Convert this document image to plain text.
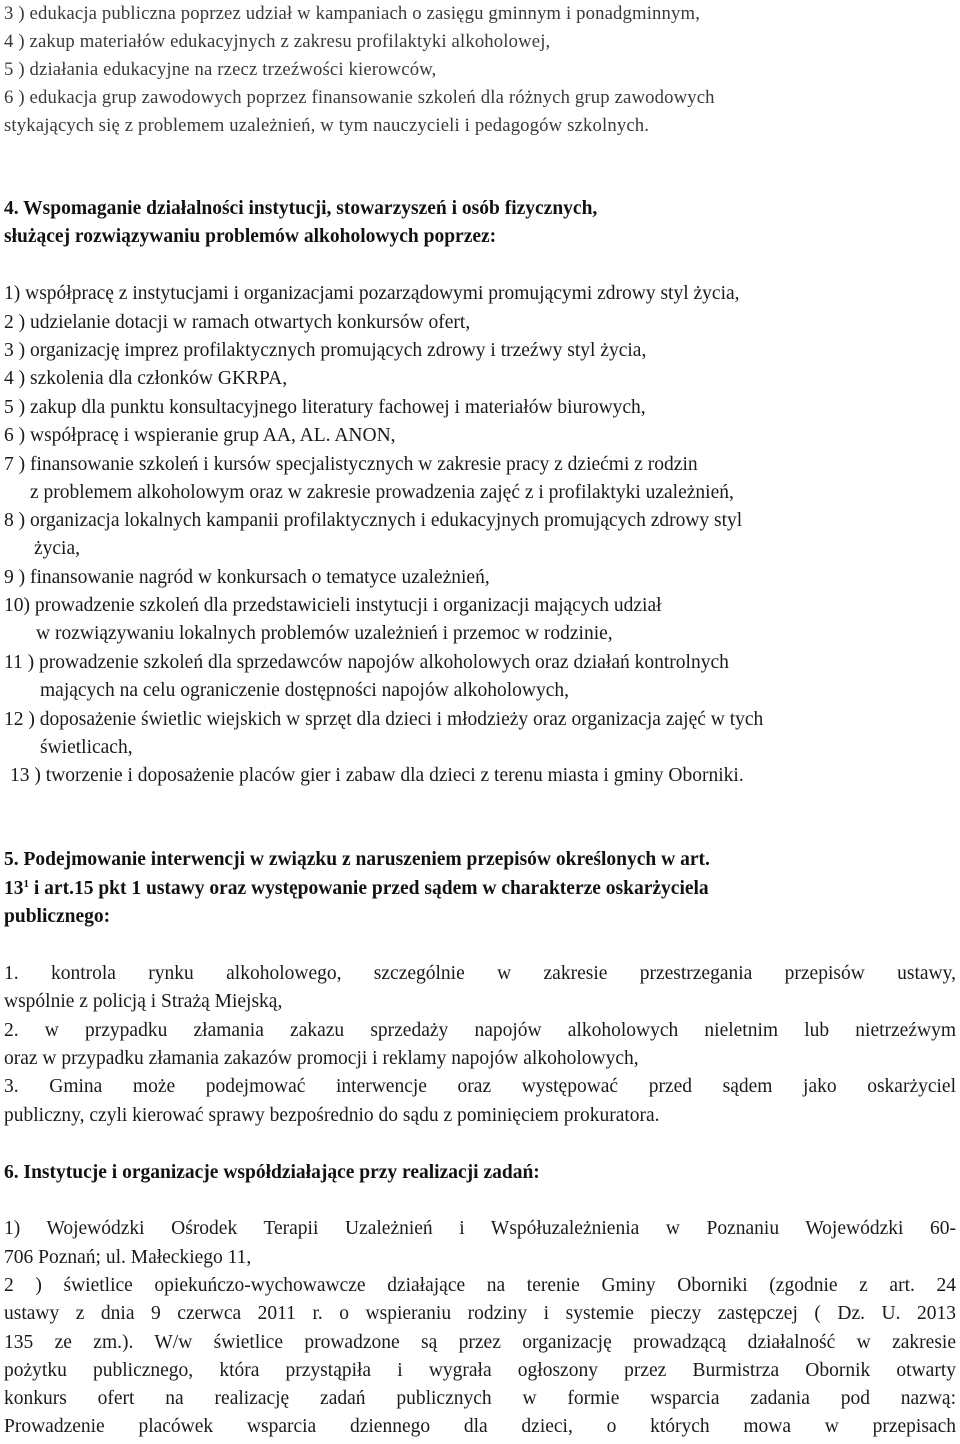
3 ) edukacja publiczna poprzez udział w kampaniach o zasięgu gminnym i ponadgminnym,
4 ) zakup materiałów edukacyjnych z zakresu profilaktyki alkoholowej,
5 ) działania edukacyjne na rzecz trzeźwości kierowców,
6 ) edukacja grup zawodowych poprzez finansowanie szkoleń dla różnych grup zawodowych
stykających się z problemem uzależnień, w tym nauczycieli i pedagogów szkolnych.
4. Wspomaganie działalności instytucji, stowarzyszeń i osób fizycznych,
służącej rozwiązywaniu problemów alkoholowych poprzez:
1) współpracę z instytucjami i organizacjami pozarządowymi promującymi zdrowy styl życia,
2 ) udzielanie dotacji w ramach otwartych konkursów ofert,
3 ) organizację imprez profilaktycznych promujących zdrowy i trzeźwy styl życia,
4 ) szkolenia dla członków GKRPA,
5 ) zakup dla punktu konsultacyjnego literatury fachowej i materiałów biurowych,
6 ) współpracę i wspieranie grup AA, AL. ANON,
7 ) finansowanie szkoleń i kursów specjalistycznych w zakresie pracy z dziećmi z rodzin
z problemem alkoholowym oraz w zakresie prowadzenia zajęć z i profilaktyki uzależnień,
8 ) organizacja lokalnych kampanii profilaktycznych i edukacyjnych promujących zdrowy styl
życia,
9 ) finansowanie nagród w konkursach o tematyce uzależnień,
10) prowadzenie szkoleń dla przedstawicieli instytucji i organizacji mających udział
w rozwiązywaniu lokalnych problemów uzależnień i przemoc w rodzinie,
11 ) prowadzenie szkoleń dla sprzedawców napojów alkoholowych oraz działań kontrolnych
mających na celu ograniczenie dostępności napojów alkoholowych,
12 ) doposażenie świetlic wiejskich w sprzęt dla dzieci i młodzieży oraz organizacja zajęć w tych
świetlicach,
13 ) tworzenie i doposażenie placów gier i zabaw dla dzieci z terenu miasta i gminy Oborniki.
5. Podejmowanie interwencji w związku z naruszeniem przepisów określonych w art.
$13^1$ i art.15 pkt 1 ustawy oraz występowanie przed sądem w charakterze oskarżyciela
publicznego:
1. kontrola rynku alkoholowego, szczególnie w zakresie przestrzegania przepisów ustawy,
wspólnie z policją i Strażą Miejską,
2. w przypadku złamania zakazu sprzedaży napojów alkoholowych nieletnim lub nietrzeźwym
oraz w przypadku złamania zakazów promocji i reklamy napojów alkoholowych,
3. Gmina może podejmować interwencje oraz występować przed sądem jako oskarżyciel
publiczny, czyli kierować sprawy bezpośrednio do sądu z pominięciem prokuratora.
6. Instytucje i organizacje współdziałające przy realizacji zadań:
1) Wojewódzki Ośrodek Terapii Uzależnień i Współuzależnienia w Poznaniu Wojewódzki 60-
706 Poznań; ul. Małeckiego 11,
2 ) świetlice opiekuńczo-wychowawcze działające na terenie Gminy Oborniki (zgodnie z art. 24
ustawy z dnia 9 czerwca 2011 r. o wspieraniu rodziny i systemie pieczy zastępczej ( Dz. U. 2013
135 ze zm.). W/w świetlice prowadzone są przez organizację prowadzącą działalność w zakresie
pożytku publicznego, która przystąpiła i wygrała ogłoszony przez Burmistrza Obornik otwarty
konkurs ofert na realizację zadań publicznych w formie wsparcia zadania pod nazwą:
Prowadzenie placówek wsparcia dziennego dla dzieci, o których mowa w przepisach
